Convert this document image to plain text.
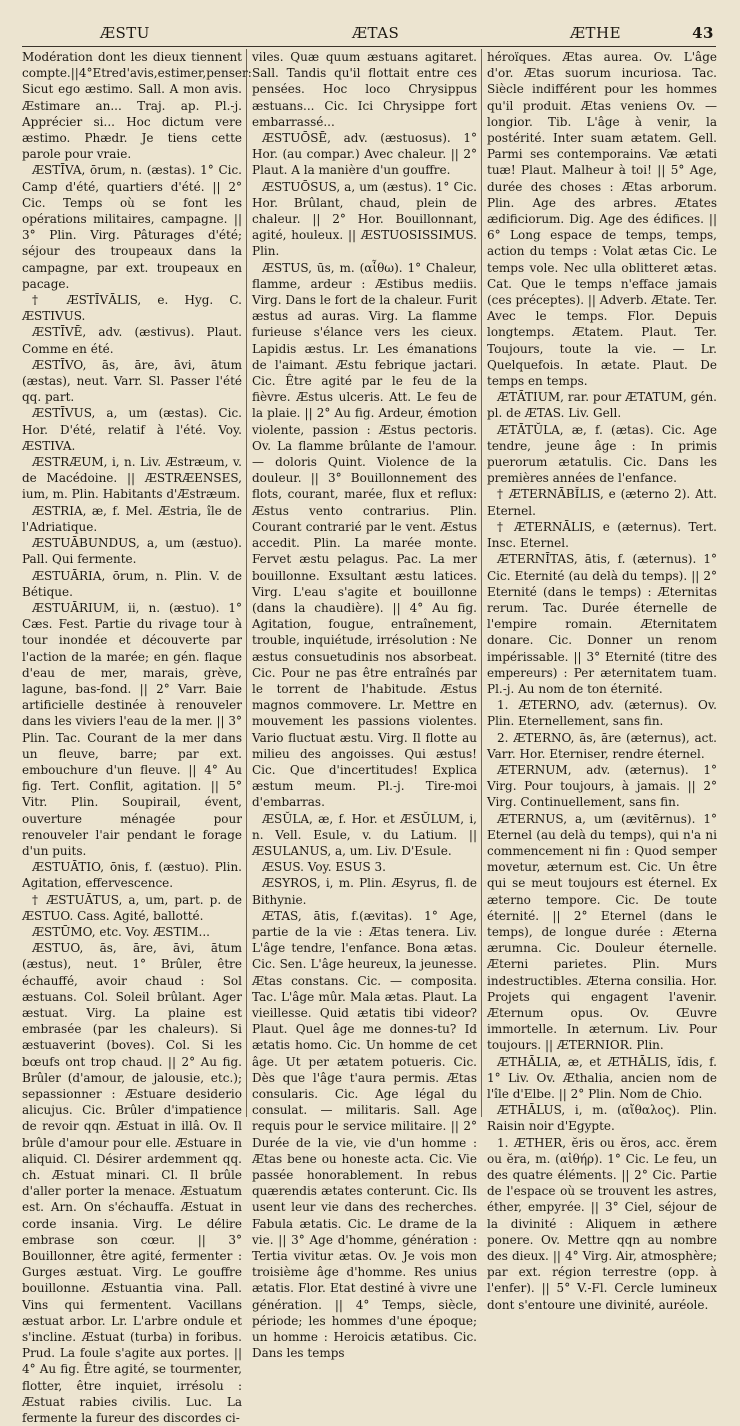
ÆSTU	ÆTAS	ÆTHE	43

Modération dont les dieux tiennent compte.||4°Etred'avis,estimer,penser: Sicut ego æstimo. Sall. A mon avis. Æstimare an... Traj. ap. Pl.-j. Apprécier si... Hoc dictum vere æstimo. Phædr. Je tiens cette parole pour vraie.

ÆSTĪVA, ōrum, n. (æstas). 1° Cic. Camp d'été, quartiers d'été. || 2° Cic. Temps où se font les opérations militaires, campagne. || 3° Plin. Virg. Pâturages d'été; séjour des troupeaux dans la campagne, par ext. troupeaux en pacage.

† ÆSTĪVĀLIS, e. Hyg. C. ÆSTIVUS.

ÆSTĪVĒ, adv. (æstivus). Plaut. Comme en été.

ÆSTĪVO, ās, āre, āvi, ātum (æstas), neut. Varr. Sl. Passer l'été qq. part.

ÆSTĪVUS, a, um (æstas). Cic. Hor. D'été, relatif à l'été. Voy. ÆSTIVA.

ÆSTRÆUM, i, n. Liv. Æstræum, v. de Macédoine. || ÆSTRÆENSES, ium, m. Plin. Habitants d'Æstræum.

ÆSTRIA, æ, f. Mel. Æstria, île de l'Adriatique.

ÆSTUĀBUNDUS, a, um (æstuo). Pall. Qui fermente.

ÆSTUĀRIA, ōrum, n. Plin. V. de Bétique.

ÆSTUĀRIUM, ii, n. (æstuo). 1° Cæs. Fest. Partie du rivage tour à tour inondée et découverte par l'action de la marée; en gén. flaque d'eau de mer, marais, grève, lagune, bas-fond. || 2° Varr. Baie artificielle destinée à renouveler dans les viviers l'eau de la mer. || 3° Plin. Tac. Courant de la mer dans un fleuve, barre; par ext. embouchure d'un fleuve. || 4° Au fig. Tert. Conflit, agitation. || 5° Vitr. Plin. Soupirail, évent, ouverture ménagée pour renouveler l'air pendant le forage d'un puits.

ÆSTUĀTIO, ōnis, f. (æstuo). Plin. Agitation, effervescence.

† ÆSTUĀTUS, a, um, part. p. de ÆSTUO. Cass. Agité, ballotté.

ÆSTŪMO, etc. Voy. ÆSTIM...

ÆSTUO, ās, āre, āvi, ātum (æstus), neut. 1° Brûler, être échauffé, avoir chaud : Sol æstuans. Col. Soleil brûlant. Ager æstuat. Virg. La plaine est embrasée (par les chaleurs). Si æstuaverint (boves). Col. Si les bœufs ont trop chaud. || 2° Au fig. Brûler (d'amour, de jalousie, etc.); sepassionner : Æstuare desiderio alicujus. Cic. Brûler d'impatience de revoir qqn. Æstuat in illâ. Ov. Il brûle d'amour pour elle. Æstuare in aliquid. Cl. Désirer ardemment qq. ch. Æstuat minari. Cl. Il brûle d'aller porter la menace. Æstuatum est. Arn. On s'échauffa. Æstuat in corde insania. Virg. Le délire embrase son cœur. || 3° Bouillonner, être agité, fermenter : Gurges æstuat. Virg. Le gouffre bouillonne. Æstuantia vina. Pall. Vins qui fermentent. Vacillans æstuat arbor. Lr. L'arbre ondule et s'incline. Æstuat (turba) in foribus. Prud. La foule s'agite aux portes. || 4° Au fig. Être agité, se tourmenter, flotter, être inquiet, irrésolu : Æstuat rabies civilis. Luc. La fermente la fureur des discordes ci-

viles. Quæ quum æstuans agitaret. Sall. Tandis qu'il flottait entre ces pensées. Hoc loco Chrysippus æstuans... Cic. Ici Chrysippe fort embarrassé...

ÆSTUŌSĒ, adv. (æstuosus). 1° Hor. (au compar.) Avec chaleur. || 2° Plaut. A la manière d'un gouffre.

ÆSTUŌSUS, a, um (æstus). 1° Cic. Hor. Brûlant, chaud, plein de chaleur. || 2° Hor. Bouillonnant, agité, houleux. || ÆSTUOSISSIMUS. Plin.

ÆSTUS, ūs, m. (αἶθω). 1° Chaleur, flamme, ardeur : Æstibus mediis. Virg. Dans le fort de la chaleur. Furit æstus ad auras. Virg. La flamme furieuse s'élance vers les cieux. Lapidis æstus. Lr. Les émanations de l'aimant. Æstu febrique jactari. Cic. Être agité par le feu de la fièvre. Æstus ulceris. Att. Le feu de la plaie. || 2° Au fig. Ardeur, émotion violente, passion : Æstus pectoris. Ov. La flamme brûlante de l'amour. — doloris Quint. Violence de la douleur. || 3° Bouillonnement des flots, courant, marée, flux et reflux: Æstus vento contrarius. Plin. Courant contrarié par le vent. Æstus accedit. Plin. La marée monte. Fervet æstu pelagus. Pac. La mer bouillonne. Exsultant æstu latices. Virg. L'eau s'agite et bouillonne (dans la chaudière). || 4° Au fig. Agitation, fougue, entraînement, trouble, inquiétude, irrésolution : Ne æstus consuetudinis nos absorbeat. Cic. Pour ne pas être entraînés par le torrent de l'habitude. Æstus magnos commovere. Lr. Mettre en mouvement les passions violentes. Vario fluctuat æstu. Virg. Il flotte au milieu des angoisses. Qui æstus! Cic. Que d'incertitudes! Explica æstum meum. Pl.-j. Tire-moi d'embarras.

ÆSŬLA, æ, f. Hor. et ÆSŬLUM, i, n. Vell. Esule, v. du Latium. || ÆSULANUS, a, um. Liv. D'Esule.

ÆSUS. Voy. ESUS 3.

ÆSYROS, i, m. Plin. Æsyrus, fl. de Bithynie.

ÆTAS, ātis, f.(ævitas). 1° Age, partie de la vie : Ætas tenera. Liv. L'âge tendre, l'enfance. Bona ætas. Cic. Sen. L'âge heureux, la jeunesse. Ætas constans. Cic. — composita. Tac. L'âge mûr. Mala ætas. Plaut. La vieillesse. Quid ætatis tibi videor? Plaut. Quel âge me donnes-tu? Id ætatis homo. Cic. Un homme de cet âge. Ut per ætatem potueris. Cic. Dès que l'âge t'aura permis. Ætas consularis. Cic. Age légal du consulat. — militaris. Sall. Age requis pour le service militaire. || 2° Durée de la vie, vie d'un homme : Ætas bene ou honeste acta. Cic. Vie passée honorablement. In rebus quærendis ætates conterunt. Cic. Ils usent leur vie dans des recherches. Fabula ætatis. Cic. Le drame de la vie. || 3° Age d'homme, génération : Tertia vivitur ætas. Ov. Je vois mon troisième âge d'homme. Res unius ætatis. Flor. Etat destiné à vivre une génération. || 4° Temps, siècle, période; les hommes d'une époque; un homme : Heroicis ætatibus. Cic. Dans les temps

héroïques. Ætas aurea. Ov. L'âge d'or. Ætas suorum incuriosa. Tac. Siècle indifférent pour les hommes qu'il produit. Ætas veniens Ov. — longior. Tib. L'âge à venir, la postérité. Inter suam ætatem. Gell. Parmi ses contemporains. Væ ætati tuæ! Plaut. Malheur à toi! || 5° Age, durée des choses : Ætas arborum. Plin. Age des arbres. Ætates ædificiorum. Dig. Age des édifices. || 6° Long espace de temps, temps, action du temps : Volat ætas Cic. Le temps vole. Nec ulla oblitteret ætas. Cat. Que le temps n'efface jamais (ces préceptes). || Adverb. Ætate. Ter. Avec le temps. Flor. Depuis longtemps. Ætatem. Plaut. Ter. Toujours, toute la vie. — Lr. Quelquefois. In ætate. Plaut. De temps en temps.

ÆTĀTIUM, rar. pour ÆTATUM, gén. pl. de ÆTAS. Liv. Gell.

ÆTĀTŬLA, æ, f. (ætas). Cic. Age tendre, jeune âge : In primis puerorum ætatulis. Cic. Dans les premières années de l'enfance.

† ÆTERNĀBĬLIS, e (æterno 2). Att. Eternel.

† ÆTERNĀLIS, e (æternus). Tert. Insc. Eternel.

ÆTERNĪTAS, ātis, f. (æternus). 1° Cic. Eternité (au delà du temps). || 2° Eternité (dans le temps) : Æternitas rerum. Tac. Durée éternelle de l'empire romain. Æternitatem donare. Cic. Donner un renom impérissable. || 3° Eternité (titre des empereurs) : Per æternitatem tuam. Pl.-j. Au nom de ton éternité.

1. ÆTERNO, adv. (æternus). Ov. Plin. Eternellement, sans fin.

2. ÆTERNO, ās, āre (æternus), act. Varr. Hor. Eterniser, rendre éternel.

ÆTERNUM, adv. (æternus). 1° Virg. Pour toujours, à jamais. || 2° Virg. Continuellement, sans fin.

ÆTERNUS, a, um (ævitērnus). 1° Eternel (au delà du temps), qui n'a ni commencement ni fin : Quod semper movetur, æternum est. Cic. Un être qui se meut toujours est éternel. Ex æterno tempore. Cic. De toute éternité. || 2° Eternel (dans le temps), de longue durée : Æterna ærumna. Cic. Douleur éternelle. Æterni parietes. Plin. Murs indestructibles. Æterna consilia. Hor. Projets qui engagent l'avenir. Æternum opus. Ov. Œuvre immortelle. In æternum. Liv. Pour toujours. || ÆTERNIOR. Plin.

ÆTHĀLIA, æ, et ÆTHĀLIS, ĭdis, f. 1° Liv. Ov. Æthalia, ancien nom de l'île d'Elbe. || 2° Plin. Nom de Chio.

ÆTHĀLUS, i, m. (αἴθαλος). Plin. Raisin noir d'Egypte.

1. ÆTHER, ĕris ou ĕros, acc. ĕrem ou ĕra, m. (αἰθήρ). 1° Cic. Le feu, un des quatre éléments. || 2° Cic. Partie de l'espace où se trouvent les astres, éther, empyrée. || 3° Ciel, séjour de la divinité : Aliquem in æthere ponere. Ov. Mettre qqn au nombre des dieux. || 4° Virg. Air, atmosphère; par ext. région terrestre (opp. à l'enfer). || 5° V.-Fl. Cercle lumineux dont s'entoure une divinité, auréole.
